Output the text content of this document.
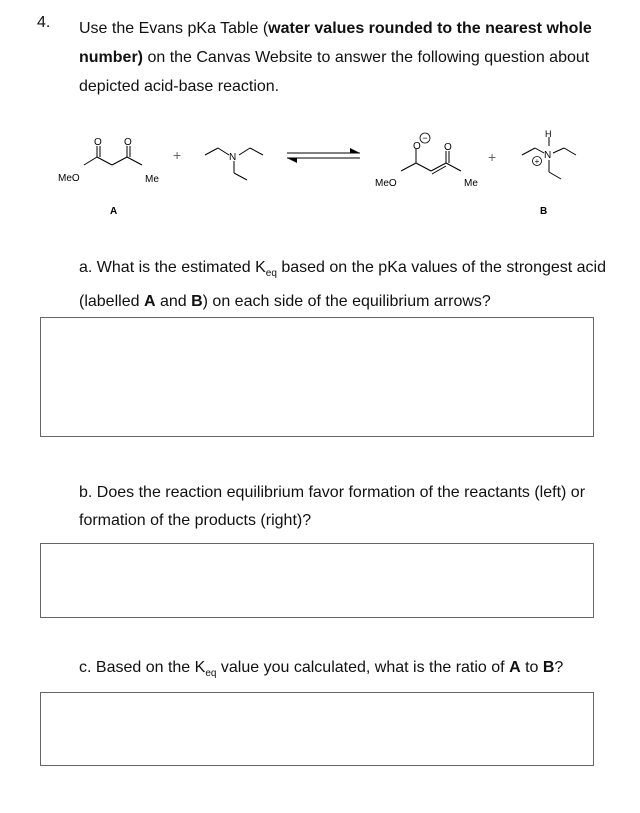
4. Use the Evans pKa Table (water values rounded to the nearest whole number) on the Canvas Website to answer the following question about depicted acid-base reaction.
MeO
O O
Me
A
+	N
MeO
O
−
O
Me
+
H
N
+
B
a. What is the estimated $K_{eq}$ based on the pKa values of the strongest acid (labelled A and B) on each side of the equilibrium arrows?
b. Does the reaction equilibrium favor formation of the reactants (left) or formation of the products (right)?
c. Based on the $K_{eq}$ value you calculated, what is the ratio of A to B?
